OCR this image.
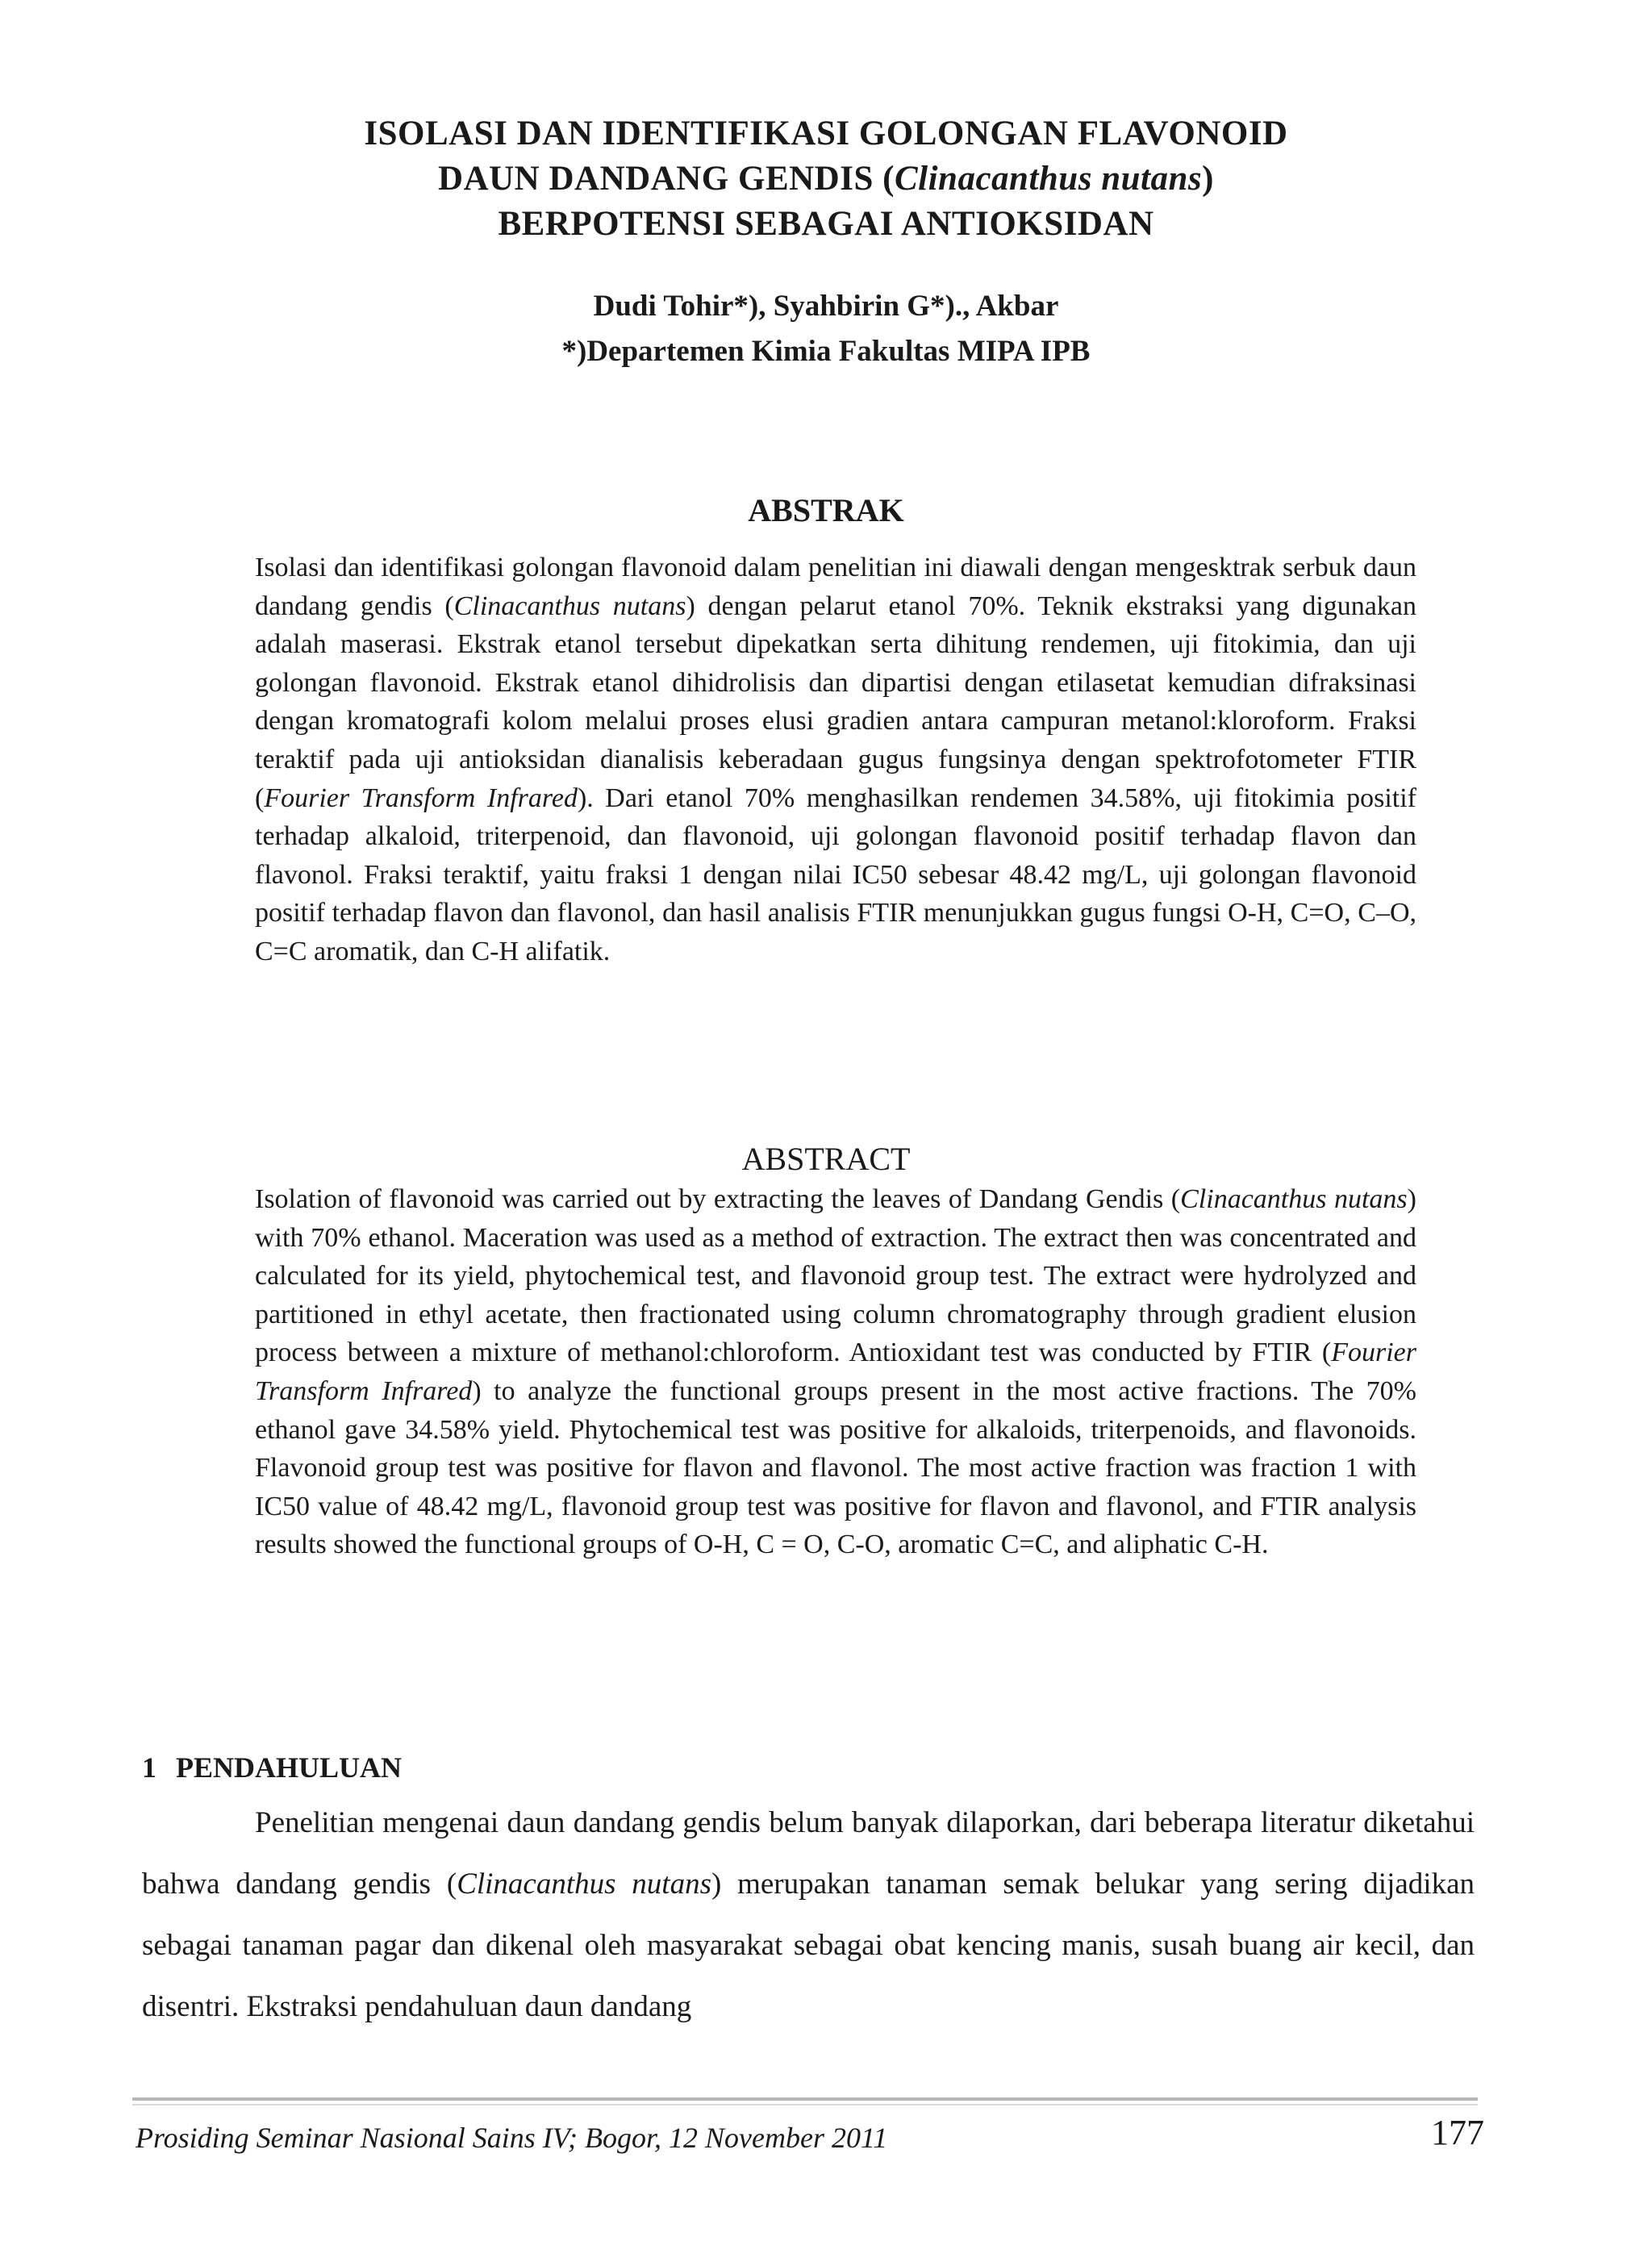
ISOLASI DAN IDENTIFIKASI GOLONGAN FLAVONOID
DAUN DANDANG GENDIS (Clinacanthus nutans)
BERPOTENSI SEBAGAI ANTIOKSIDAN
Dudi Tohir*), Syahbirin G*)., Akbar
*)Departemen Kimia Fakultas MIPA IPB
ABSTRAK
Isolasi dan identifikasi golongan flavonoid dalam penelitian ini diawali dengan mengesktrak serbuk daun dandang gendis (Clinacanthus nutans) dengan pelarut etanol 70%. Teknik ekstraksi yang digunakan adalah maserasi. Ekstrak etanol tersebut dipekatkan serta dihitung rendemen, uji fitokimia, dan uji golongan flavonoid. Ekstrak etanol dihidrolisis dan dipartisi dengan etilasetat kemudian difraksinasi dengan kromatografi kolom melalui proses elusi gradien antara campuran metanol:kloroform. Fraksi teraktif pada uji antioksidan dianalisis keberadaan gugus fungsinya dengan spektrofotometer FTIR (Fourier Transform Infrared). Dari etanol 70% menghasilkan rendemen 34.58%, uji fitokimia positif terhadap alkaloid, triterpenoid, dan flavonoid, uji golongan flavonoid positif terhadap flavon dan flavonol. Fraksi teraktif, yaitu fraksi 1 dengan nilai IC50 sebesar 48.42 mg/L, uji golongan flavonoid positif terhadap flavon dan flavonol, dan hasil analisis FTIR menunjukkan gugus fungsi O-H, C=O, C–O, C=C aromatik, dan C-H alifatik.
ABSTRACT
Isolation of flavonoid was carried out by extracting the leaves of Dandang Gendis (Clinacanthus nutans) with 70% ethanol. Maceration was used as a method of extraction. The extract then was concentrated and calculated for its yield, phytochemical test, and flavonoid group test. The extract were hydrolyzed and partitioned in ethyl acetate, then fractionated using column chromatography through gradient elusion process between a mixture of methanol:chloroform. Antioxidant test was conducted by FTIR (Fourier Transform Infrared) to analyze the functional groups present in the most active fractions. The 70% ethanol gave 34.58% yield. Phytochemical test was positive for alkaloids, triterpenoids, and flavonoids. Flavonoid group test was positive for flavon and flavonol. The most active fraction was fraction 1 with IC50 value of 48.42 mg/L, flavonoid group test was positive for flavon and flavonol, and FTIR analysis results showed the functional groups of O-H, C = O, C-O, aromatic C=C, and aliphatic C-H.
1 PENDAHULUAN
Penelitian mengenai daun dandang gendis belum banyak dilaporkan, dari beberapa literatur diketahui bahwa dandang gendis (Clinacanthus nutans) merupakan tanaman semak belukar yang sering dijadikan sebagai tanaman pagar dan dikenal oleh masyarakat sebagai obat kencing manis, susah buang air kecil, dan disentri. Ekstraksi pendahuluan daun dandang
Prosiding Seminar Nasional Sains IV; Bogor, 12 November 2011	177
